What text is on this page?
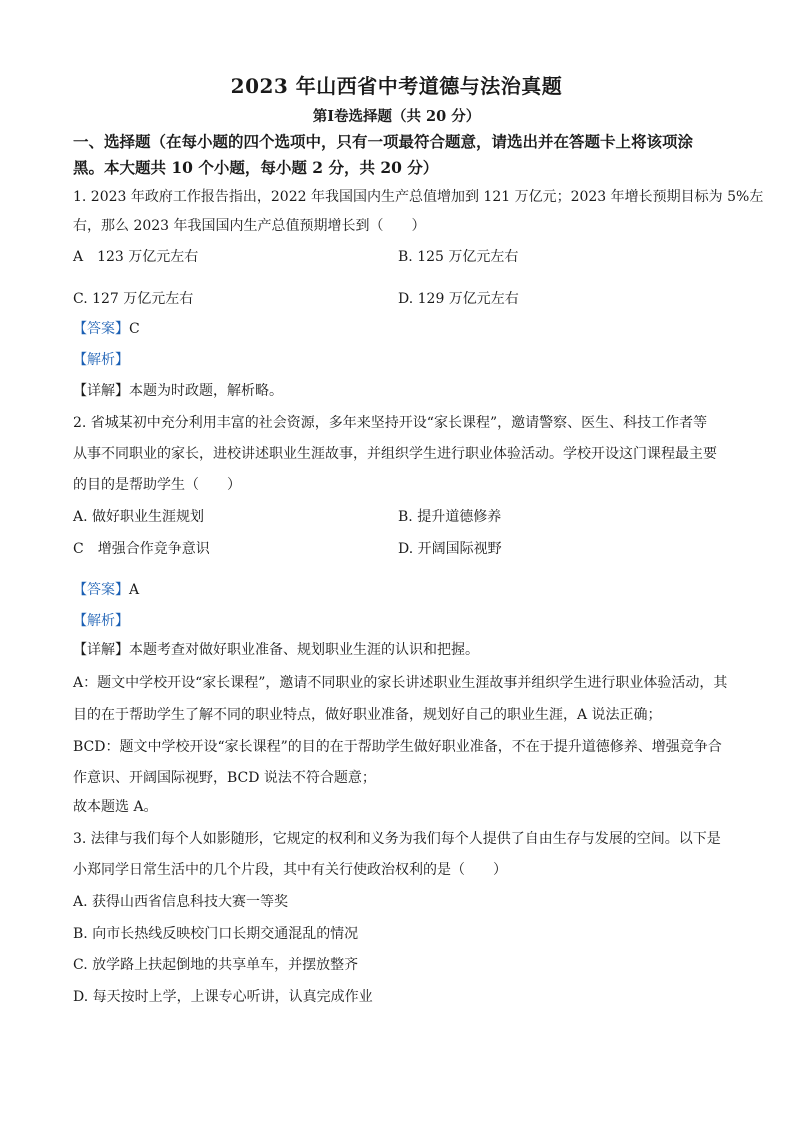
2023 年山西省中考道德与法治真题
第Ⅰ卷选择题（共 20 分）
一、选择题（在每小题的四个选项中，只有一项最符合题意，请选出并在答题卡上将该项涂
黑。本大题共 10 个小题，每小题 2 分，共 20 分）
1. 2023 年政府工作报告指出，2022 年我国国内生产总值增加到 121 万亿元；2023 年增长预期目标为 5%左
右，那么 2023 年我国国内生产总值预期增长到（　　）
A　123 万亿元左右	B. 125 万亿元左右
C. 127 万亿元左右	D. 129 万亿元左右
【答案】C
【解析】
【详解】本题为时政题，解析略。
2. 省城某初中充分利用丰富的社会资源，多年来坚持开设“家长课程”，邀请警察、医生、科技工作者等
从事不同职业的家长，进校讲述职业生涯故事，并组织学生进行职业体验活动。学校开设这门课程最主要
的目的是帮助学生（　　）
A. 做好职业生涯规划	B. 提升道德修养
C　增强合作竞争意识	D. 开阔国际视野
【答案】A
【解析】
【详解】本题考查对做好职业准备、规划职业生涯的认识和把握。
A：题文中学校开设“家长课程”，邀请不同职业的家长讲述职业生涯故事并组织学生进行职业体验活动，其
目的在于帮助学生了解不同的职业特点，做好职业准备，规划好自己的职业生涯，A 说法正确；
BCD：题文中学校开设“家长课程”的目的在于帮助学生做好职业准备，不在于提升道德修养、增强竞争合
作意识、开阔国际视野，BCD 说法不符合题意；
故本题选 A。
3. 法律与我们每个人如影随形，它规定的权利和义务为我们每个人提供了自由生存与发展的空间。以下是
小郑同学日常生活中的几个片段，其中有关行使政治权利的是（　　）
A. 获得山西省信息科技大赛一等奖
B. 向市长热线反映校门口长期交通混乱的情况
C. 放学路上扶起倒地的共享单车，并摆放整齐
D. 每天按时上学，上课专心听讲，认真完成作业
